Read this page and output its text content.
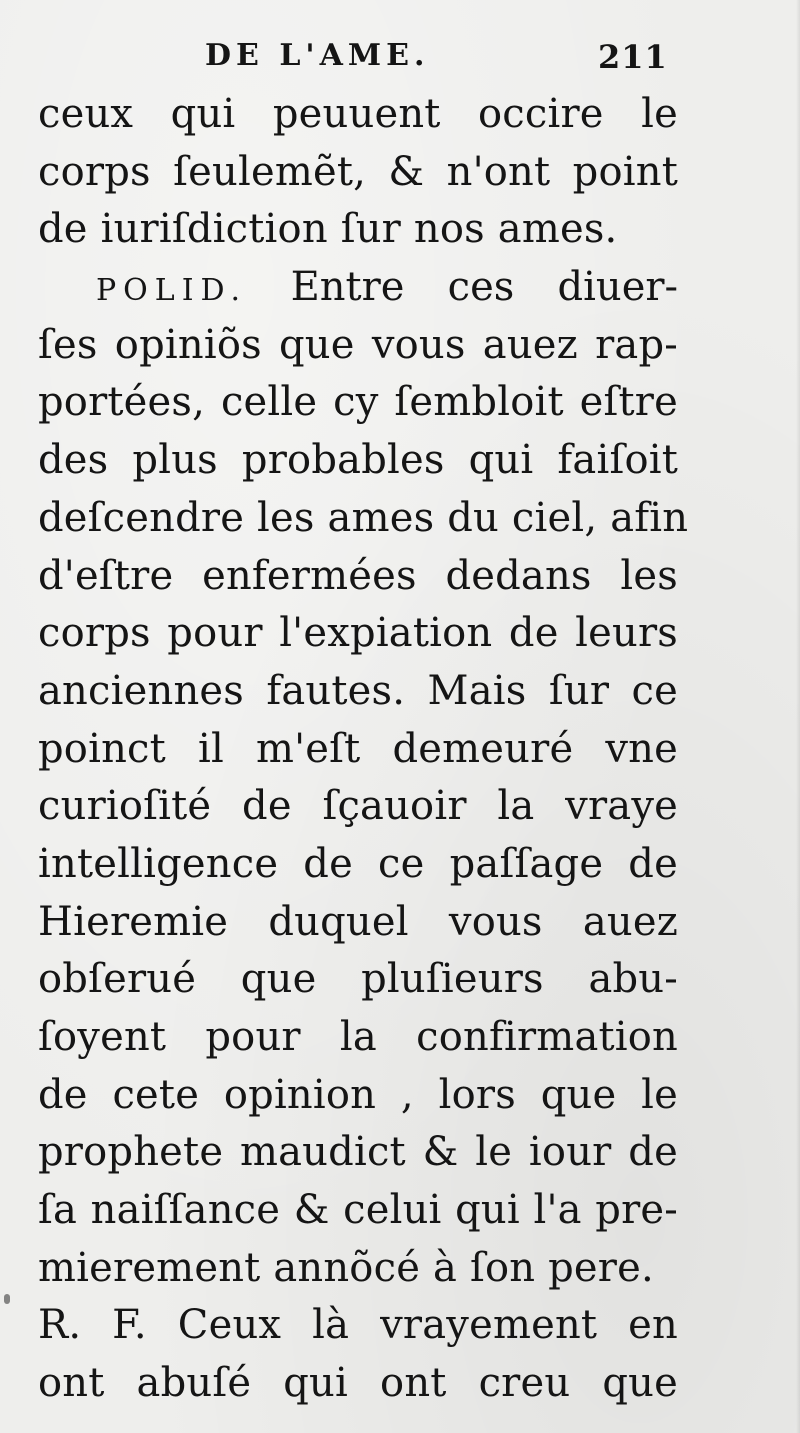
DE L'AME.	211
ceux qui peuuent occire le
corps ſeulemẽt, & n'ont point
de iuriſdiction ſur nos ames.
POLID. Entre ces diuer-
ſes opiniõs que vous auez rap-
portées, celle cy ſembloit eſtre
des plus probables qui faiſoit
deſcendre les ames du ciel, afin
d'eſtre enfermées dedans les
corps pour l'expiation de leurs
anciennes fautes. Mais ſur ce
poinct il m'eſt demeuré vne
curioſité de ſçauoir la vraye
intelligence de ce paſſage de
Hieremie duquel vous auez
obſerué que pluſieurs abu-
ſoyent pour la confirmation
de cete opinion , lors que le
prophete maudict & le iour de
ſa naiſſance & celui qui l'a pre-
mierement annõcé à ſon pere.
R. F. Ceux là vrayement en
ont abuſé qui ont creu que
